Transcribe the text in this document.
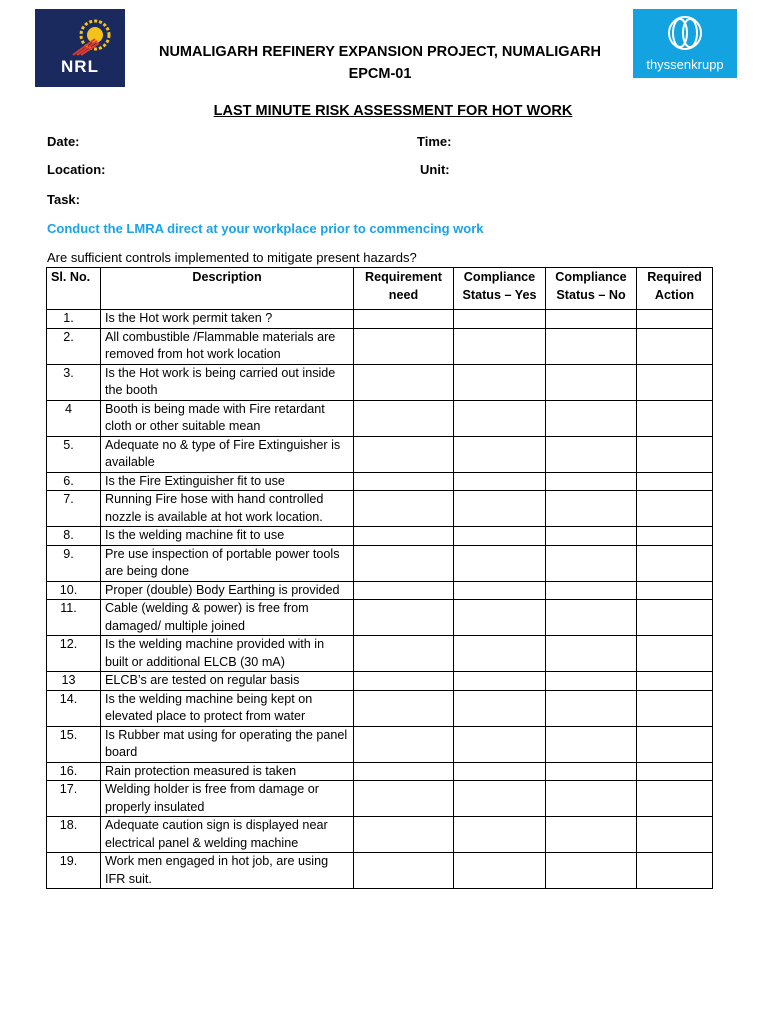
NRL	thyssenkrupp
NUMALIGARH REFINERY EXPANSION PROJECT, NUMALIGARH
EPCM-01
LAST MINUTE RISK ASSESSMENT FOR HOT WORK
Date:	Time:
Location:	Unit:
Task:
Conduct the LMRA direct at your workplace prior to commencing work
Are sufficient controls implemented to mitigate present hazards?
Sl. No.	Description	Requirement need	Compliance Status – Yes	Compliance Status – No	Required Action
1.	Is the Hot work permit taken ?				
2.	All combustible /Flammable materials are removed from hot work location				
3.	Is the Hot work is being carried out inside the booth				
4	Booth is being made with Fire retardant cloth or other suitable mean				
5.	Adequate no & type of Fire Extinguisher is available				
6.	Is the Fire Extinguisher fit to use				
7.	Running Fire hose with hand controlled nozzle is available at hot work location.				
8.	Is the welding machine fit to use				
9.	Pre use inspection of portable power tools are being done				
10.	Proper (double) Body Earthing is provided				
11.	Cable (welding & power) is free from damaged/ multiple joined				
12.	Is the welding machine provided with in built or additional ELCB (30 mA)				
13	ELCB’s are tested on regular basis				
14.	Is the welding machine being kept on elevated place to protect from water				
15.	Is Rubber mat using for operating the panel board				
16.	Rain protection measured is taken				
17.	Welding holder is free from damage or properly insulated				
18.	Adequate caution sign is displayed near electrical panel & welding machine				
19.	Work men engaged in hot job, are using IFR suit.				
